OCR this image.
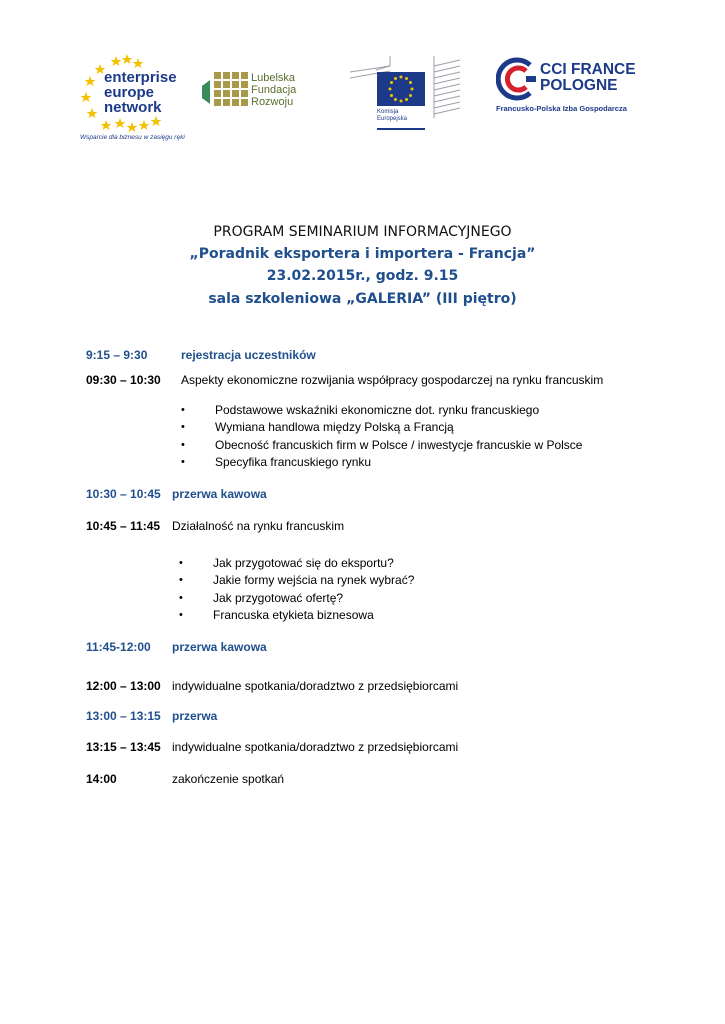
enterprise
europe
network
Wsparcie dla biznesu w zasięgu ręki
Lubelska
Fundacja
Rozwoju
Komisja
Europejska
CCI FRANCE
POLOGNE
Francusko-Polska Izba Gospodarcza
PROGRAM SEMINARIUM INFORMACYJNEGO
„Poradnik eksportera i importera - Francja”
23.02.2015r., godz. 9.15
sala szkoleniowa „GALERIA” (III piętro)
9:15 – 9:30	rejestracja uczestników
09:30 – 10:30 Aspekty ekonomiczne rozwijania współpracy gospodarczej na rynku francuskim
•	Podstawowe wskaźniki ekonomiczne dot. rynku francuskiego
•	Wymiana handlowa między Polską a Francją
•	Obecność francuskich firm w Polsce / inwestycje francuskie w Polsce
•	Specyfika francuskiego rynku
10:30 – 10:45 przerwa kawowa
10:45 – 11:45 Działalność na rynku francuskim
•	Jak przygotować się do eksportu?
•	Jakie formy wejścia na rynek wybrać?
•	Jak przygotować ofertę?
•	Francuska etykieta biznesowa
11:45-12:00 przerwa kawowa
12:00 – 13:00 indywidualne spotkania/doradztwo z przedsiębiorcami
13:00 – 13:15 przerwa
13:15 – 13:45 indywidualne spotkania/doradztwo z przedsiębiorcami
14:00	zakończenie spotkań
